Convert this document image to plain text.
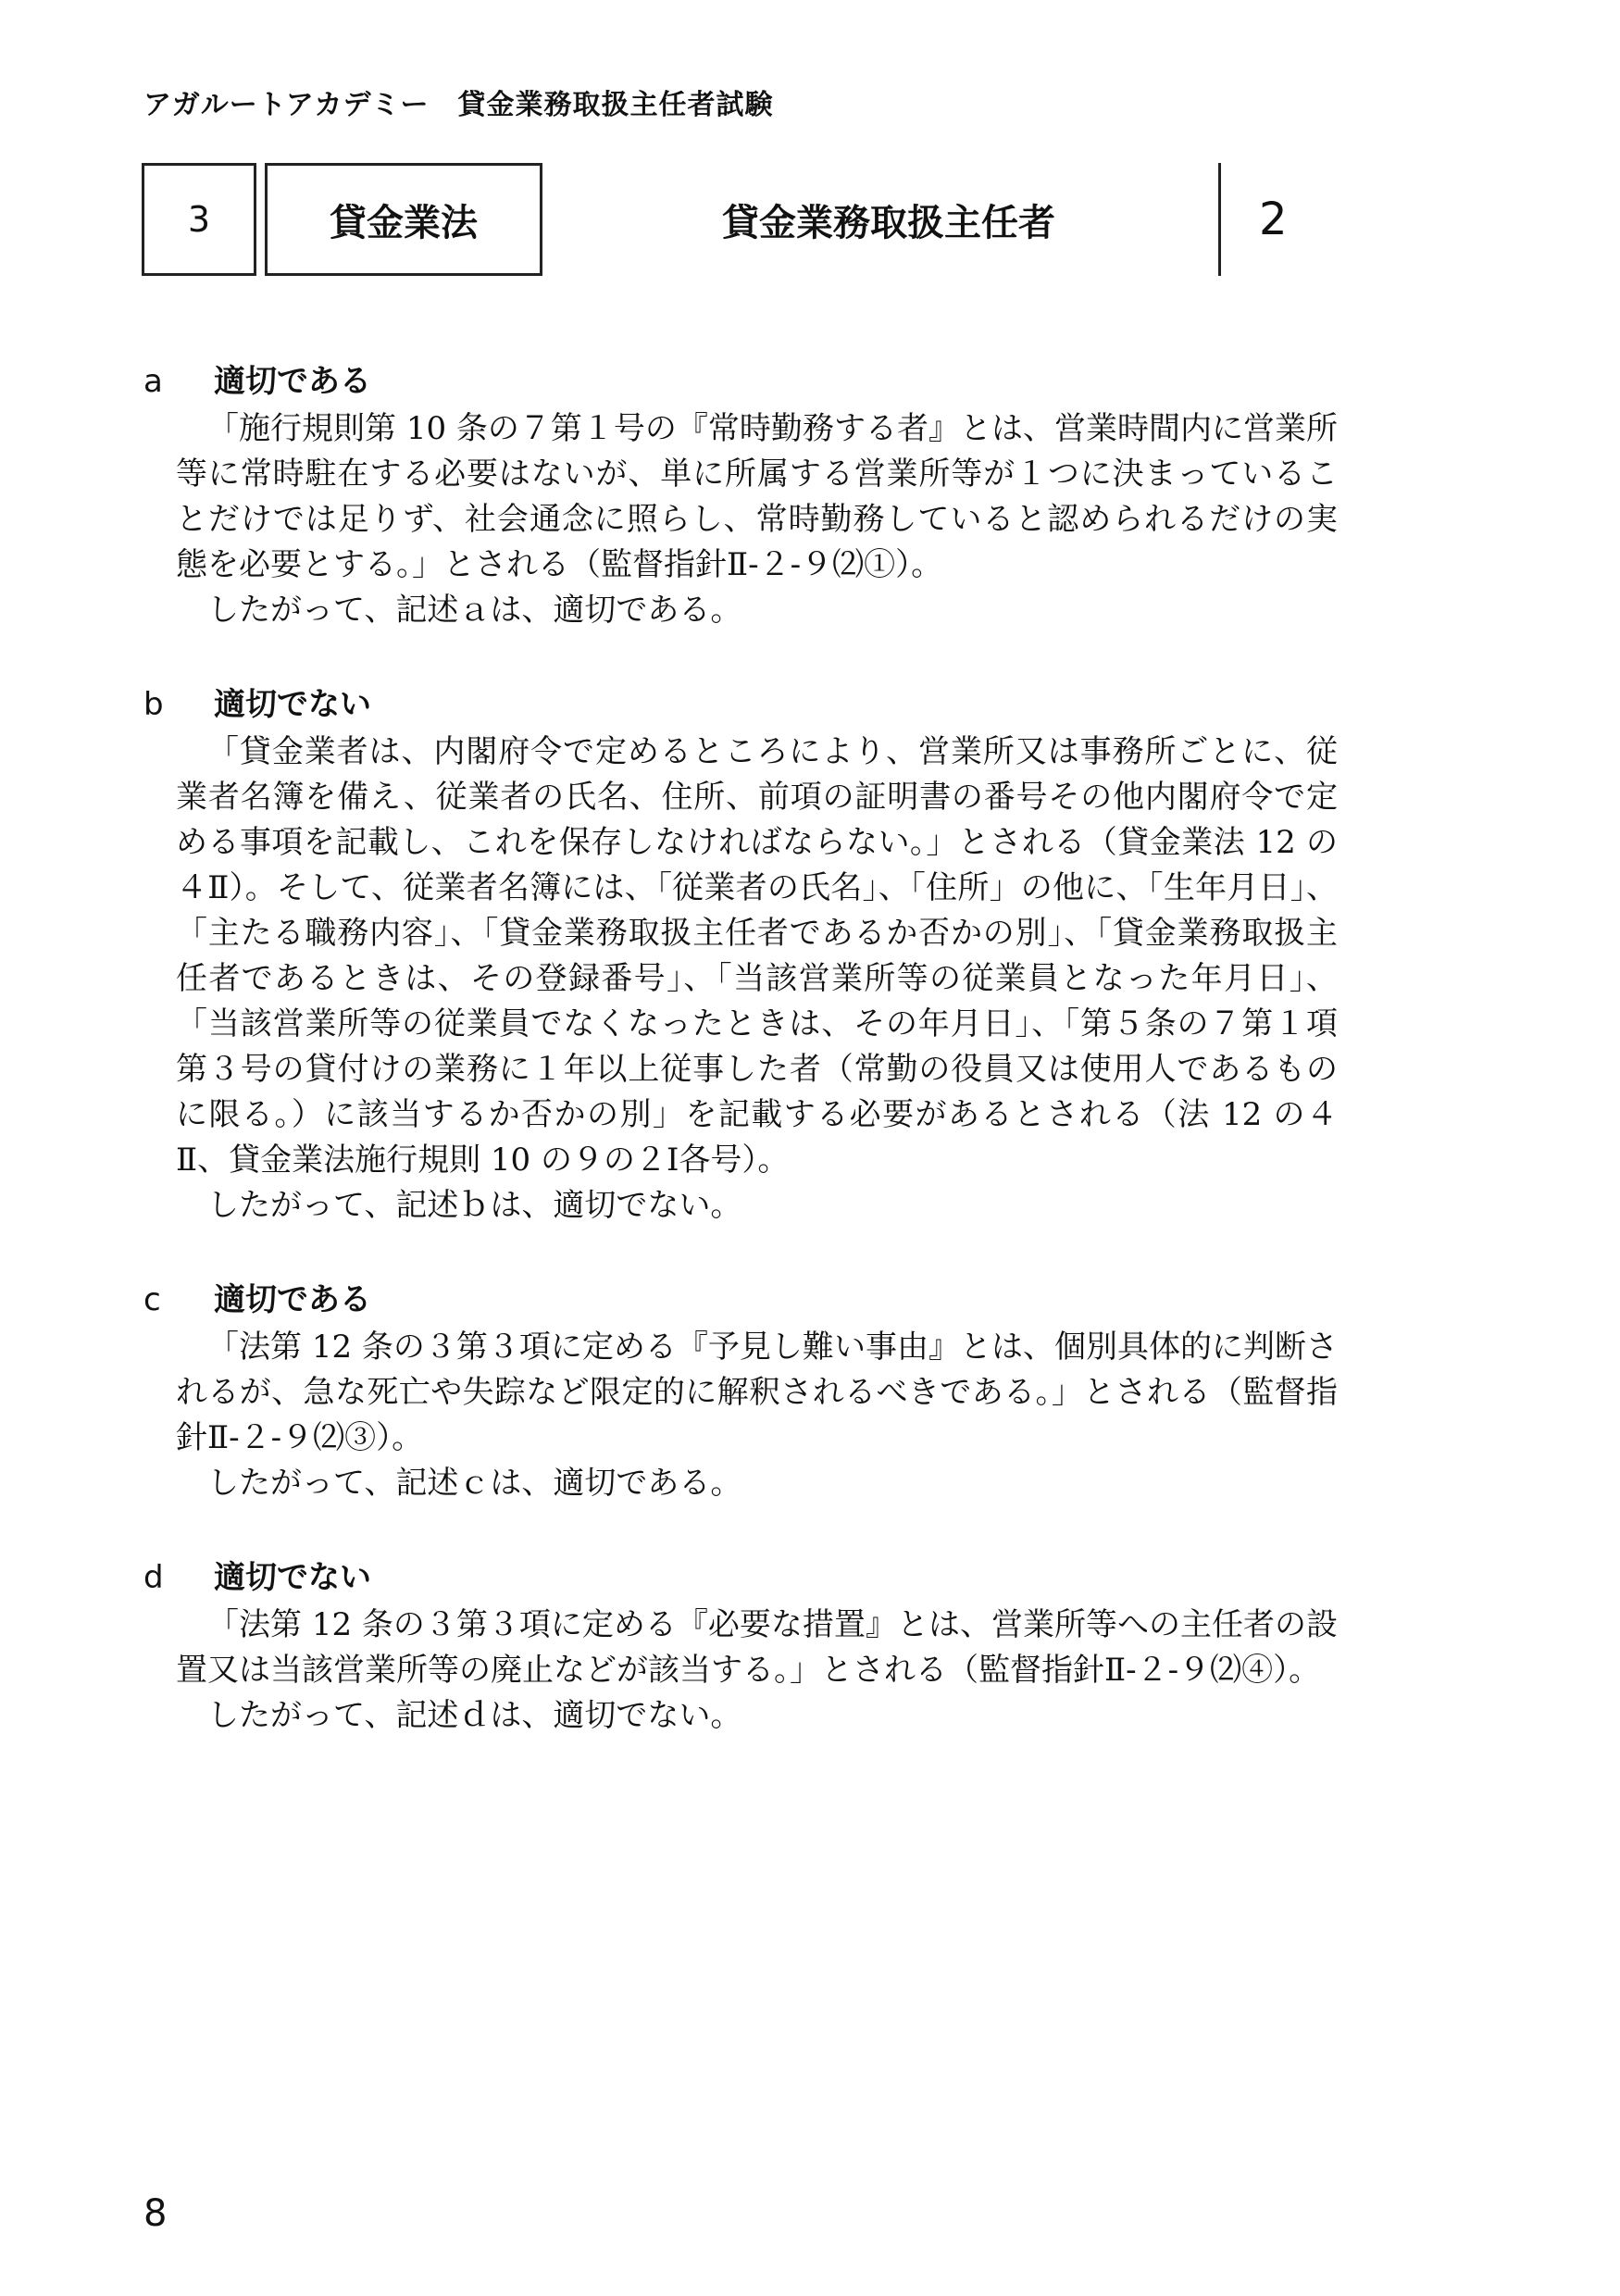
アガルートアカデミー　貸金業務取扱主任者試験
3	貸金業法	貸金業務取扱主任者	2
a 適切である

「施行規則第 10 条の７第１号の『常時勤務する者』とは、営業時間内に営業所等に常時駐在する必要はないが、単に所属する営業所等が１つに決まっていることだけでは足りず、社会通念に照らし、常時勤務していると認められるだけの実態を必要とする。」とされる（監督指針Ⅱ-２-９⑵①）。

したがって、記述ａは、適切である。

b 適切でない

「貸金業者は、内閣府令で定めるところにより、営業所又は事務所ごとに、従業者名簿を備え、従業者の氏名、住所、前項の証明書の番号その他内閣府令で定める事項を記載し、これを保存しなければならない。」とされる（貸金業法 12 の４Ⅱ）。そして、従業者名簿には、「従業者の氏名」、「住所」の他に、「生年月日」、「主たる職務内容」、「貸金業務取扱主任者であるか否かの別」、「貸金業務取扱主任者であるときは、その登録番号」、「当該営業所等の従業員となった年月日」、「当該営業所等の従業員でなくなったときは、その年月日」、「第５条の７第１項第３号の貸付けの業務に１年以上従事した者（常勤の役員又は使用人であるものに限る。）に該当するか否かの別」を記載する必要があるとされる（法 12 の４Ⅱ、貸金業法施行規則 10 の９の２Ⅰ各号）。

したがって、記述ｂは、適切でない。

c 適切である

「法第 12 条の３第３項に定める『予見し難い事由』とは、個別具体的に判断されるが、急な死亡や失踪など限定的に解釈されるべきである。」とされる（監督指針Ⅱ-２-９⑵③）。

したがって、記述ｃは、適切である。

d 適切でない

「法第 12 条の３第３項に定める『必要な措置』とは、営業所等への主任者の設置又は当該営業所等の廃止などが該当する。」とされる（監督指針Ⅱ-２-９⑵④）。

したがって、記述ｄは、適切でない。

8
